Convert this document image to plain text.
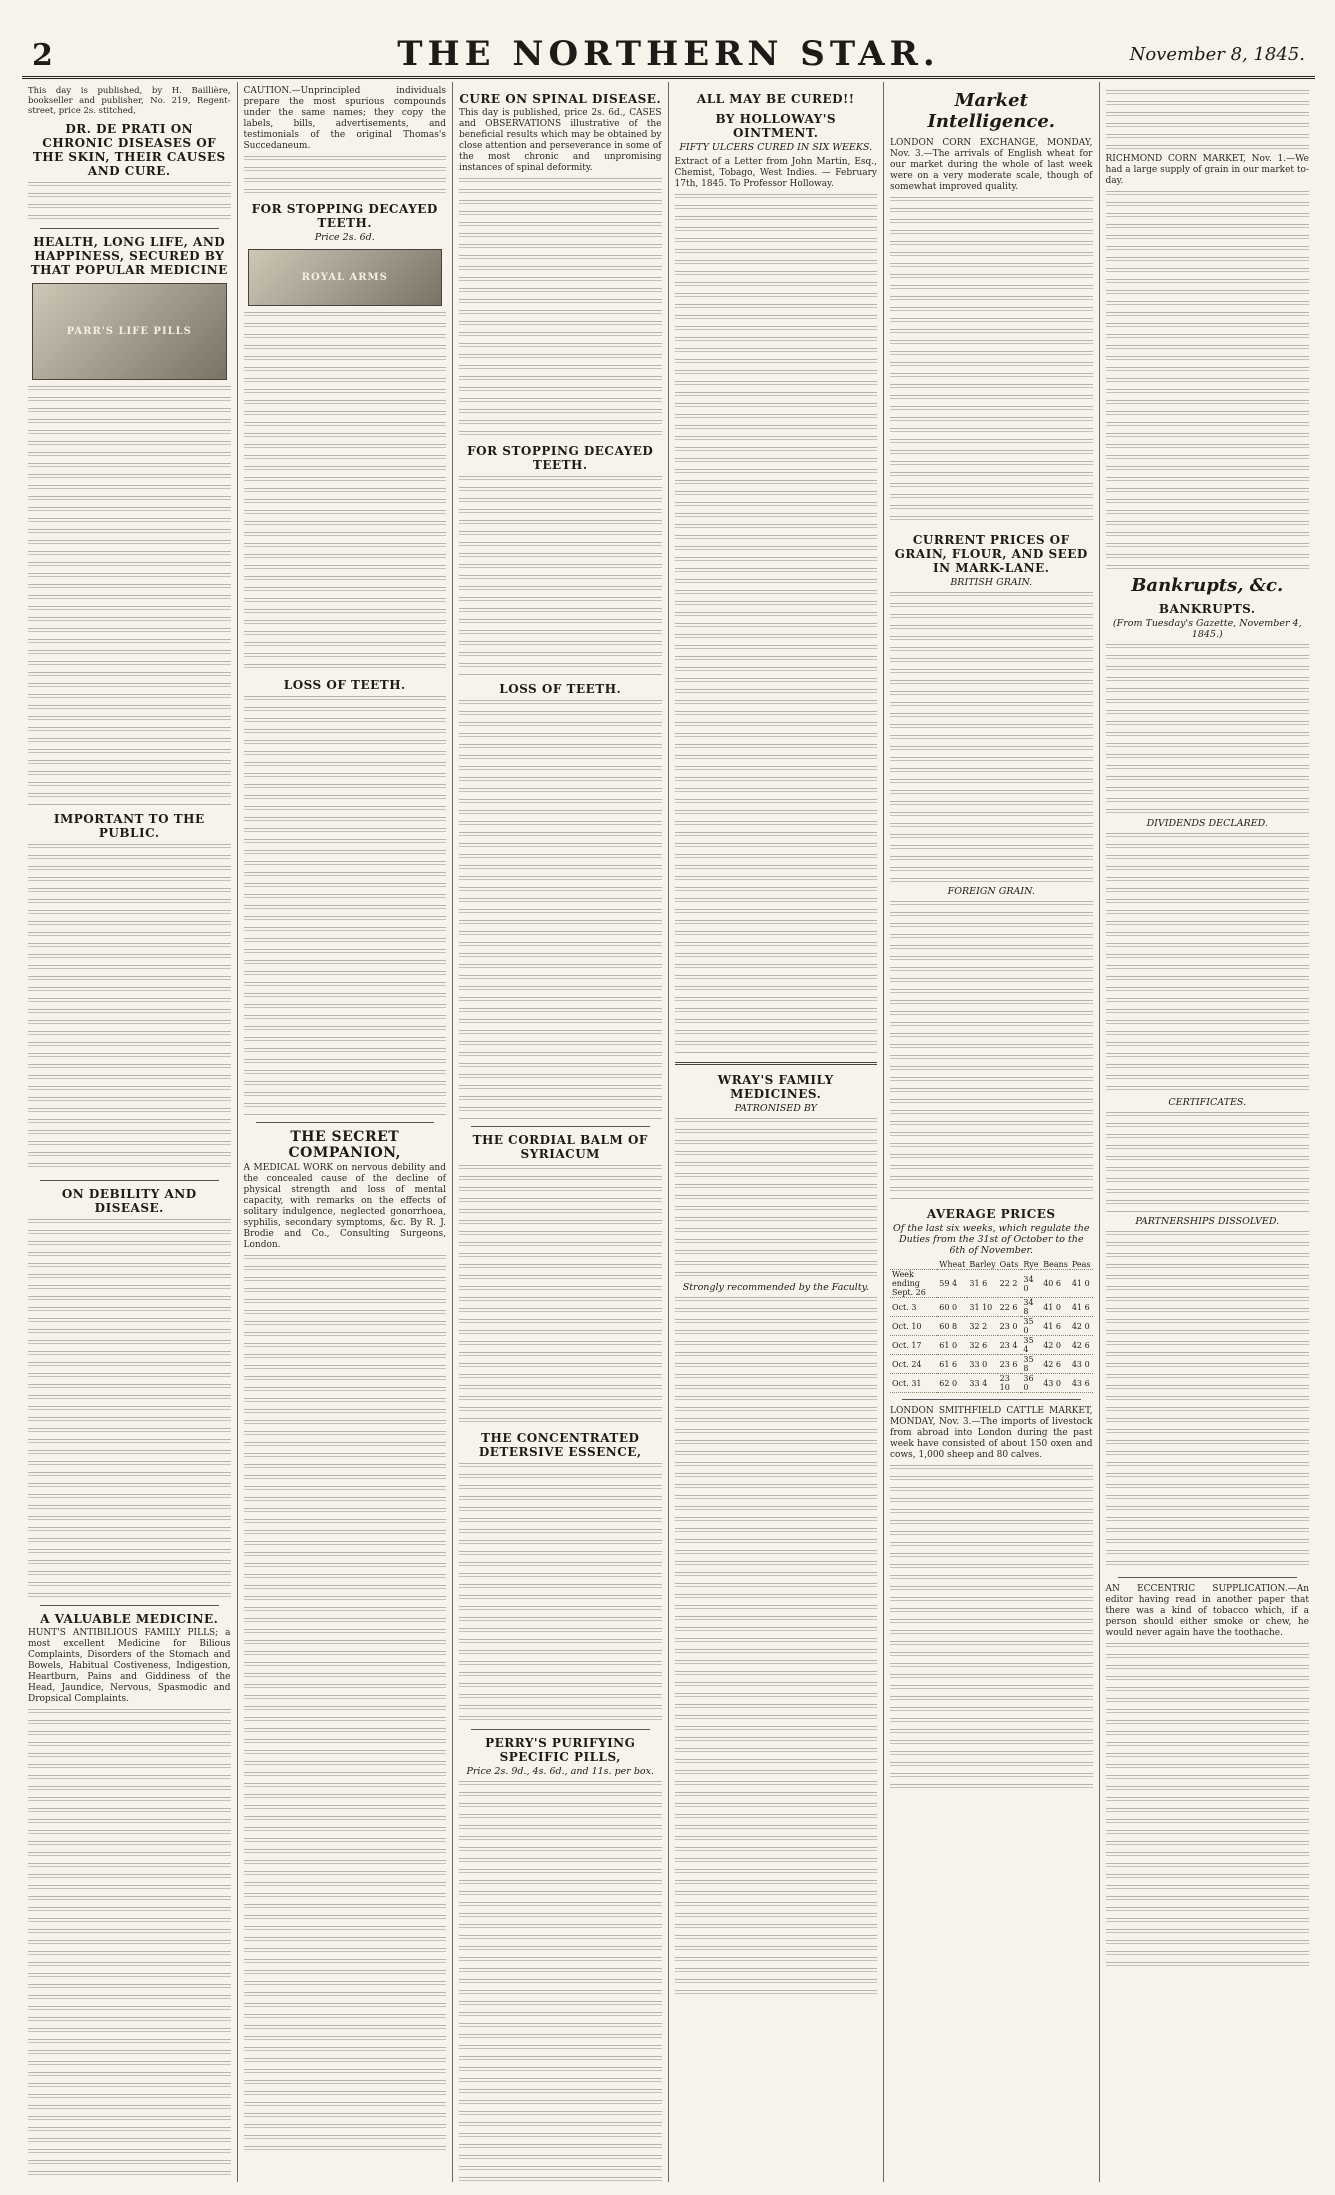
2	THE NORTHERN STAR.	November 8, 1845.

This day is published, by H. Baillière, bookseller and publisher, No. 219, Regent-street, price 2s. stitched,

DR. DE PRATI ON CHRONIC DISEASES OF THE SKIN, THEIR CAUSES AND CURE.

HEALTH, LONG LIFE, AND HAPPINESS, SECURED BY THAT POPULAR MEDICINE

PARR'S LIFE PILLS

IMPORTANT TO THE PUBLIC.

ON DEBILITY AND DISEASE.

A VALUABLE MEDICINE.

HUNT'S ANTIBILIOUS FAMILY PILLS; a most excellent Medicine for Bilious Complaints, Disorders of the Stomach and Bowels, Habitual Costiveness, Indigestion, Heartburn, Pains and Giddiness of the Head, Jaundice, Nervous, Spasmodic and Dropsical Complaints.

CAUTION.—Unprincipled individuals prepare the most spurious compounds under the same names; they copy the labels, bills, advertisements, and testimonials of the original Thomas's Succedaneum.

FOR STOPPING DECAYED TEETH.

Price 2s. 6d.

ROYAL ARMS

LOSS OF TEETH.

THE SECRET COMPANION,

A MEDICAL WORK on nervous debility and the concealed cause of the decline of physical strength and loss of mental capacity, with remarks on the effects of solitary indulgence, neglected gonorrhoea, syphilis, secondary symptoms, &c. By R. J. Brodie and Co., Consulting Surgeons, London.

CURE ON SPINAL DISEASE.

This day is published, price 2s. 6d., CASES and OBSERVATIONS illustrative of the beneficial results which may be obtained by close attention and perseverance in some of the most chronic and unpromising instances of spinal deformity.

FOR STOPPING DECAYED TEETH.

LOSS OF TEETH.

THE CORDIAL BALM OF SYRIACUM

THE CONCENTRATED DETERSIVE ESSENCE,

PERRY'S PURIFYING SPECIFIC PILLS,

Price 2s. 9d., 4s. 6d., and 11s. per box.

ALL MAY BE CURED!!

BY HOLLOWAY'S OINTMENT.

FIFTY ULCERS CURED IN SIX WEEKS.

Extract of a Letter from John Martin, Esq., Chemist, Tobago, West Indies. — February 17th, 1845. To Professor Holloway.

WRAY'S FAMILY MEDICINES.

PATRONISED BY

Strongly recommended by the Faculty.

Market Intelligence.

LONDON CORN EXCHANGE, MONDAY, Nov. 3.—The arrivals of English wheat for our market during the whole of last week were on a very moderate scale, though of somewhat improved quality.

CURRENT PRICES OF GRAIN, FLOUR, AND SEED IN MARK-LANE.

BRITISH GRAIN.

FOREIGN GRAIN.

AVERAGE PRICES

Of the last six weeks, which regulate the Duties from the 31st of October to the 6th of November.

	Wheat	Barley	Oats	Rye	Beans	Peas
Week ending Sept. 26	59 4	31 6	22 2	34 0	40 6	41 0
Oct. 3	60 0	31 10	22 6	34 8	41 0	41 6
Oct. 10	60 8	32 2	23 0	35 0	41 6	42 0
Oct. 17	61 0	32 6	23 4	35 4	42 0	42 6
Oct. 24	61 6	33 0	23 6	35 8	42 6	43 0
Oct. 31	62 0	33 4	23 10	36 0	43 0	43 6

LONDON SMITHFIELD CATTLE MARKET, MONDAY, Nov. 3.—The imports of livestock from abroad into London during the past week have consisted of about 150 oxen and cows, 1,000 sheep and 80 calves.

RICHMOND CORN MARKET, Nov. 1.—We had a large supply of grain in our market to-day.

Bankrupts, &c.

BANKRUPTS.

(From Tuesday's Gazette, November 4, 1845.)

DIVIDENDS DECLARED.

CERTIFICATES.

PARTNERSHIPS DISSOLVED.

AN ECCENTRIC SUPPLICATION.—An editor having read in another paper that there was a kind of tobacco which, if a person should either smoke or chew, he would never again have the toothache.
